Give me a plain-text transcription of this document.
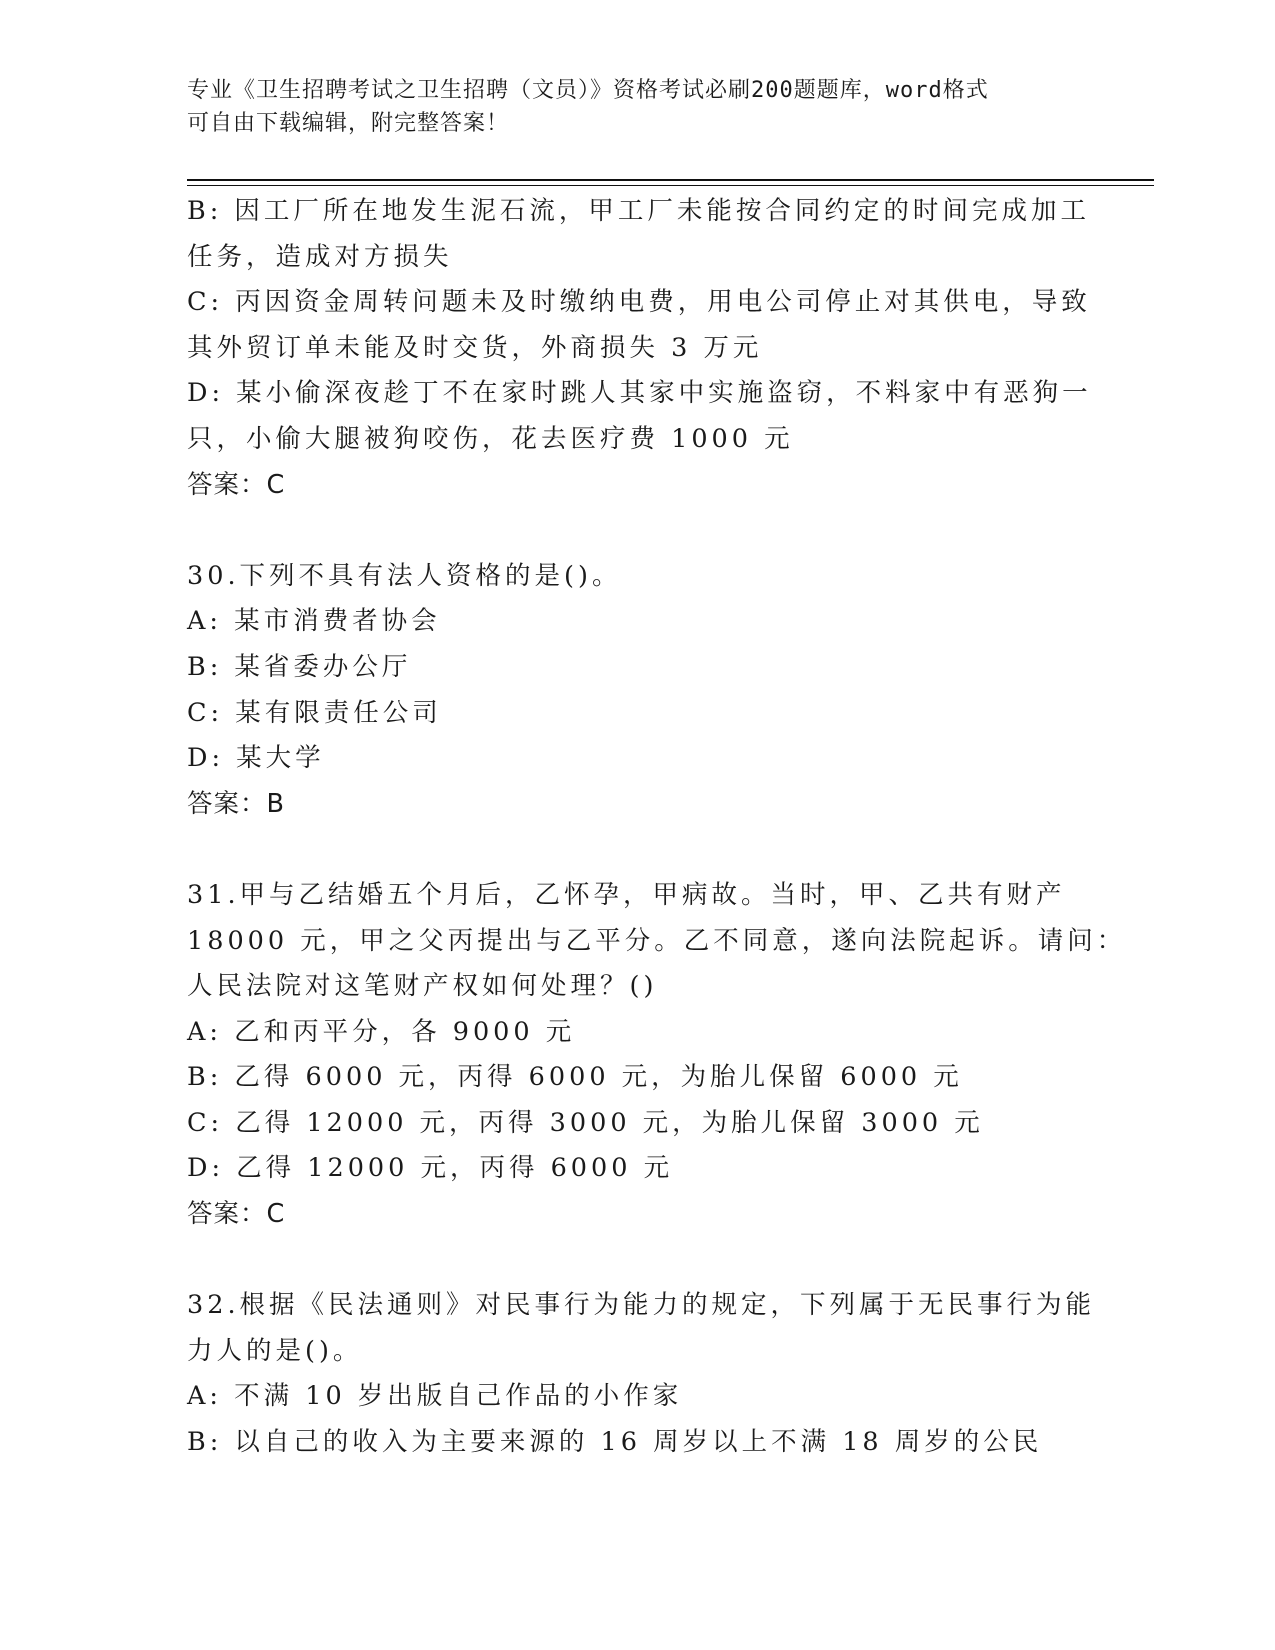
专业《卫生招聘考试之卫生招聘（文员）》资格考试必刷200题题库，word格式
可自由下载编辑，附完整答案！
B: 因工厂所在地发生泥石流，甲工厂未能按合同约定的时间完成加工
任务，造成对方损失
C: 丙因资金周转问题未及时缴纳电费，用电公司停止对其供电，导致
其外贸订单未能及时交货，外商损失 3 万元
D: 某小偷深夜趁丁不在家时跳人其家中实施盗窃，不料家中有恶狗一
只，小偷大腿被狗咬伤，花去医疗费 1000 元
答案：C
30.下列不具有法人资格的是()。
A: 某市消费者协会
B: 某省委办公厅
C: 某有限责任公司
D: 某大学
答案：B
31.甲与乙结婚五个月后，乙怀孕，甲病故。当时，甲、乙共有财产
18000 元，甲之父丙提出与乙平分。乙不同意，遂向法院起诉。请问：
人民法院对这笔财产权如何处理？()
A: 乙和丙平分，各 9000 元
B: 乙得 6000 元，丙得 6000 元，为胎儿保留 6000 元
C: 乙得 12000 元，丙得 3000 元，为胎儿保留 3000 元
D: 乙得 12000 元，丙得 6000 元
答案：C
32.根据《民法通则》对民事行为能力的规定，下列属于无民事行为能
力人的是()。
A: 不满 10 岁出版自己作品的小作家
B: 以自己的收入为主要来源的 16 周岁以上不满 18 周岁的公民
